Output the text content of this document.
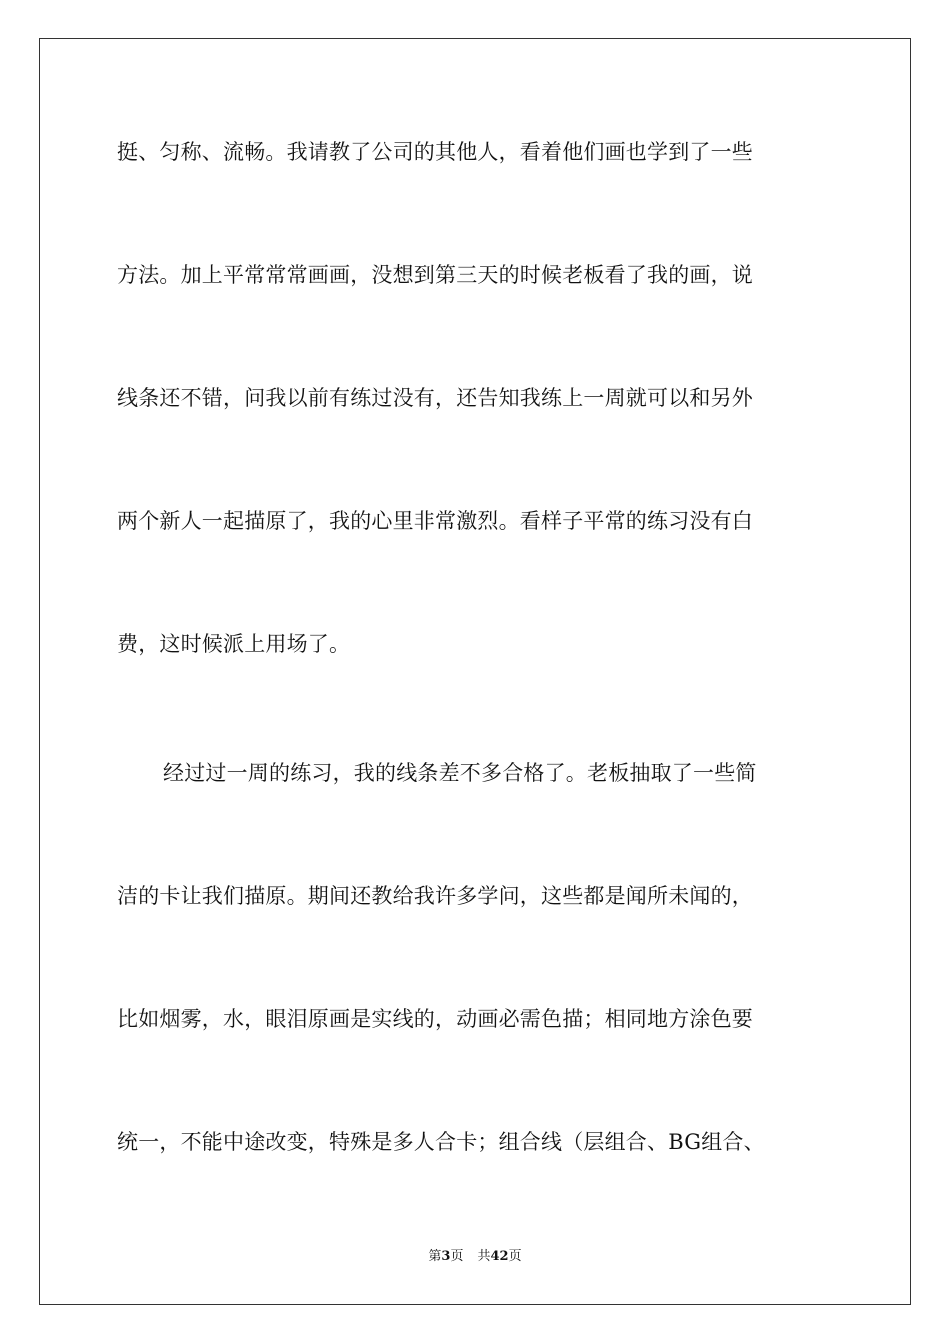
挺、匀称、流畅。我请教了公司的其他人，看着他们画也学到了一些
方法。加上平常常常画画，没想到第三天的时候老板看了我的画，说
线条还不错，问我以前有练过没有，还告知我练上一周就可以和另外
两个新人一起描原了，我的心里非常激烈。看样子平常的练习没有白
费，这时候派上用场了。
经过过一周的练习，我的线条差不多合格了。老板抽取了一些简
洁的卡让我们描原。期间还教给我许多学问，这些都是闻所未闻的，
比如烟雾，水，眼泪原画是实线的，动画必需色描；相同地方涂色要
统一，不能中途改变，特殊是多人合卡；组合线（层组合、BG组合、
第3页 共42页
